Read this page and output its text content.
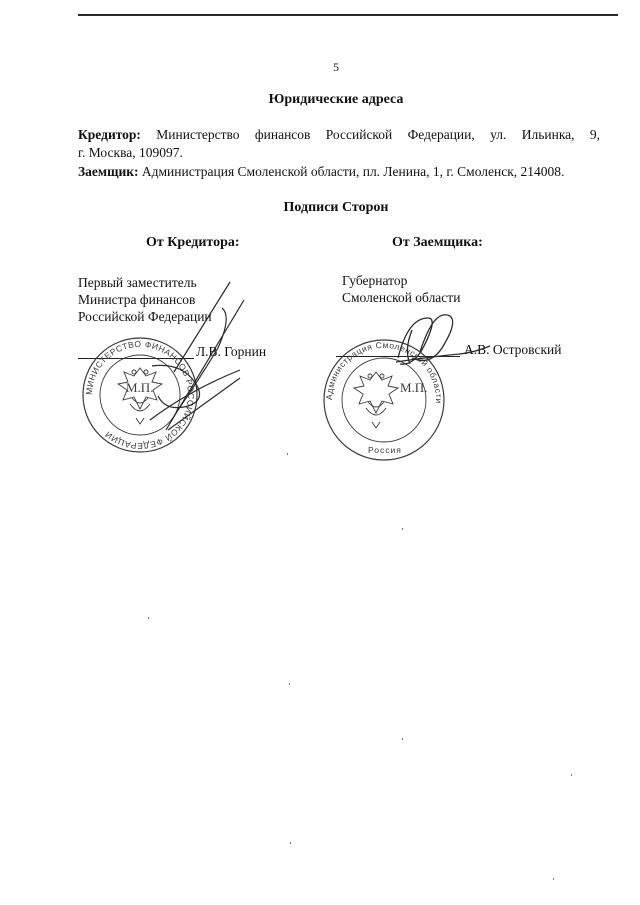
5
Юридические адреса
Кредитор: Министерство финансов Российской Федерации, ул. Ильинка, 9,
г. Москва, 109097.
Заемщик: Администрация Смоленской области, пл. Ленина, 1, г. Смоленск, 214008.
Подписи Сторон
От Кредитора:	От Заемщика:
Первый заместитель
Министра финансов
Российской Федерации
Губернатор
Смоленской области
Л.В. Горнин	А.В. Островский
МИНИСТЕРСТВО ФИНАНСОВ РОССИЙСКОЙ ФЕДЕРАЦИИ
М.П.
Администрация Смоленской области
Россия
М.П.
